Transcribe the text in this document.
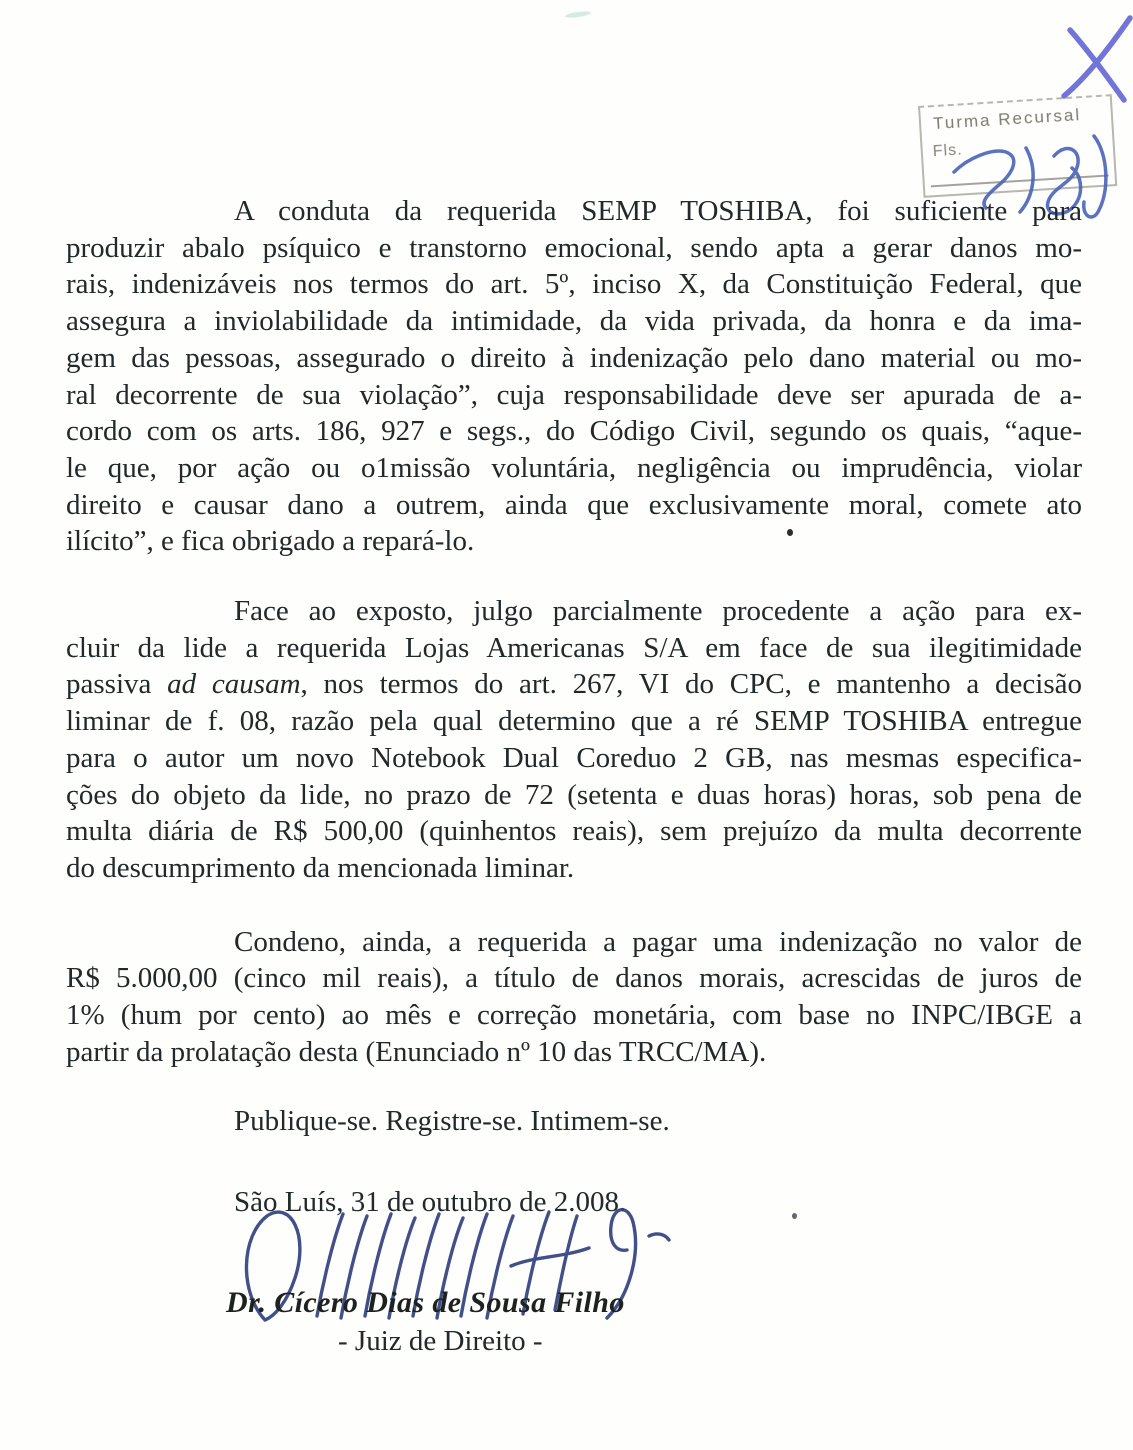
Turma Recursal
Fls.
A conduta da requerida SEMP TOSHIBA, foi suficiente para
produzir abalo psíquico e transtorno emocional, sendo apta a gerar danos mo-
rais, indenizáveis nos termos do art. 5º, inciso X, da Constituição Federal, que
assegura a inviolabilidade da intimidade, da vida privada, da honra e da ima-
gem das pessoas, assegurado o direito à indenização pelo dano material ou mo-
ral decorrente de sua violação”, cuja responsabilidade deve ser apurada de a-
cordo com os arts. 186, 927 e segs., do Código Civil, segundo os quais, “aque-
le que, por ação ou o1missão voluntária, negligência ou imprudência, violar
direito e causar dano a outrem, ainda que exclusivamente moral, comete ato
ilícito”, e fica obrigado a repará-lo.
Face ao exposto, julgo parcialmente procedente a ação para ex-
cluir da lide a requerida Lojas Americanas S/A em face de sua ilegitimidade
passiva ad causam, nos termos do art. 267, VI do CPC, e mantenho a decisão
liminar de f. 08, razão pela qual determino que a ré SEMP TOSHIBA entregue
para o autor um novo Notebook Dual Coreduo 2 GB, nas mesmas especifica-
ções do objeto da lide, no prazo de 72 (setenta e duas horas) horas, sob pena de
multa diária de R$ 500,00 (quinhentos reais), sem prejuízo da multa decorrente
do descumprimento da mencionada liminar.
Condeno, ainda, a requerida a pagar uma indenização no valor de
R$ 5.000,00 (cinco mil reais), a título de danos morais, acrescidas de juros de
1% (hum por cento) ao mês e correção monetária, com base no INPC/IBGE a
partir da prolatação desta (Enunciado nº 10 das TRCC/MA).
Publique-se. Registre-se. Intimem-se.
São Luís, 31 de outubro de 2.008.
Dr. Cícero Dias de Sousa Filho
- Juiz de Direito -
